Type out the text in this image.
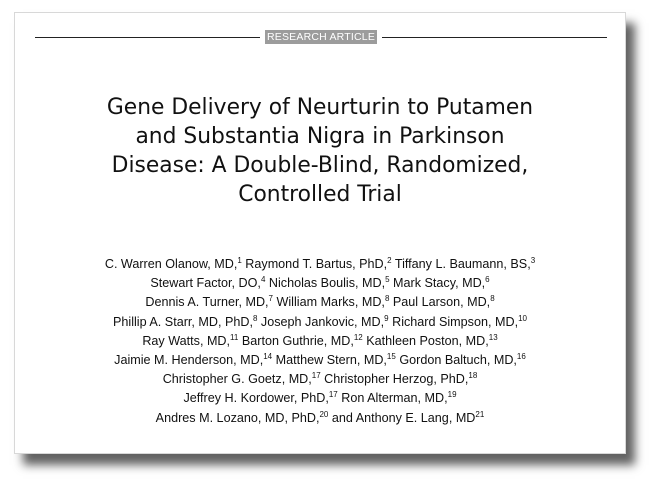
RESEARCH ARTICLE
Gene Delivery of Neurturin to Putamen
and Substantia Nigra in Parkinson
Disease: A Double-Blind, Randomized,
Controlled Trial
C. Warren Olanow, MD,$^1$ Raymond T. Bartus, PhD,$^2$ Tiffany L. Baumann, BS,$^3$
Stewart Factor, DO,$^4$ Nicholas Boulis, MD,$^5$ Mark Stacy, MD,$^6$
Dennis A. Turner, MD,$^7$ William Marks, MD,$^8$ Paul Larson, MD,$^8$
Phillip A. Starr, MD, PhD,$^8$ Joseph Jankovic, MD,$^9$ Richard Simpson, MD,$^{10}$
Ray Watts, MD,$^{11}$ Barton Guthrie, MD,$^{12}$ Kathleen Poston, MD,$^{13}$
Jaimie M. Henderson, MD,$^{14}$ Matthew Stern, MD,$^{15}$ Gordon Baltuch, MD,$^{16}$
Christopher G. Goetz, MD,$^{17}$ Christopher Herzog, PhD,$^{18}$
Jeffrey H. Kordower, PhD,$^{17}$ Ron Alterman, MD,$^{19}$
Andres M. Lozano, MD, PhD,$^{20}$ and Anthony E. Lang, MD$^{21}$
